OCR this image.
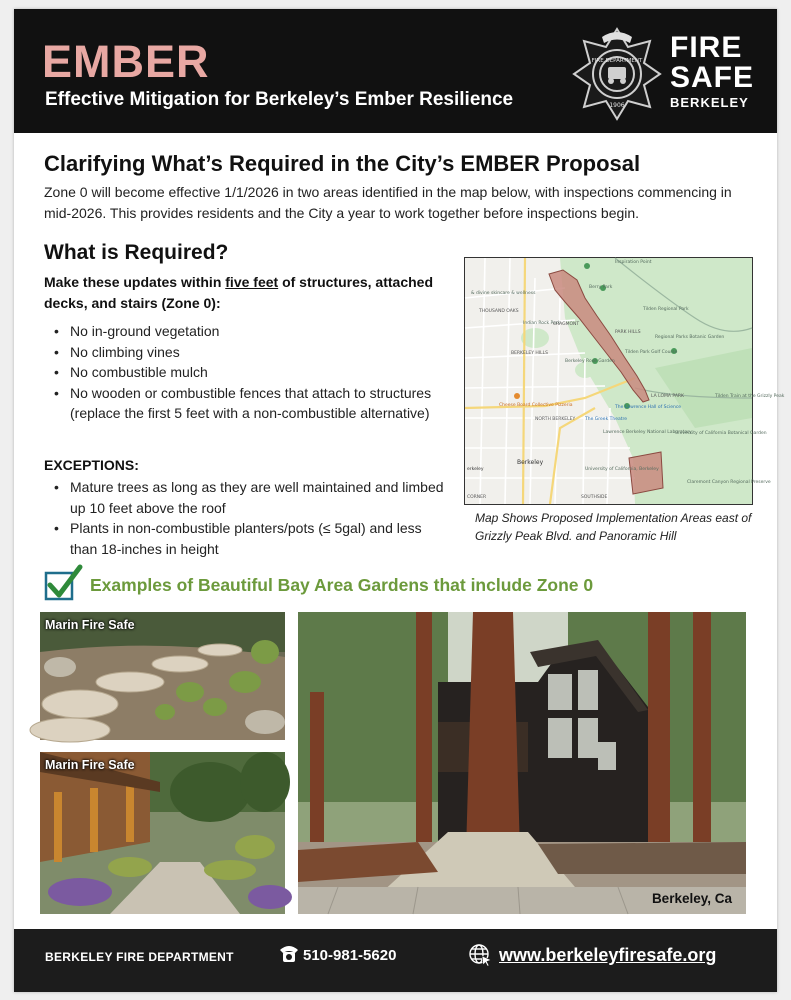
EMBER
Effective Mitigation for Berkeley’s Ember Resilience
FIRE DEPARTMENT
1906
FIRE
SAFE
BERKELEY
Clarifying What’s Required in the City’s EMBER Proposal

Zone 0 will become effective 1/1/2026 in two areas identified in the map below, with inspections commencing in mid-2026. This provides residents and the City a year to work together before inspections begin.

What is Required?

Make these updates within five feet of structures, attached decks, and stairs (Zone 0):

• No in-ground vegetation
• No climbing vines
• No combustible mulch
• No wooden or combustible fences that attach to structures (replace the first 5 feet with a non-combustible alternative)
EXCEPTIONS:
• Mature trees as long as they are well maintained and limbed up 10 feet above the roof
• Plants in non-combustible planters/pots (≤ 5gal) and less than 18-inches in height
Inspiration Point
& divine skincare & wellness
THOUSAND OAKS
Berry Park
Tilden Regional Park
Indian Rock Park
CRAGMONT
PARK HILLS
Regional Parks Botanic Garden
BERKELEY HILLS
Berkeley Rose Garden
Tilden Park Golf Course
LA LOMA PARK	Tilden Train at the Grizzly Peak
Cheese Board Collective Pizzeria
NORTH BERKELEY
The Lawrence Hall of Science
The Greek Theatre
Lawrence Berkeley National Laboratory
University of California Botanical Garden
Berkeley
University of California, Berkeley
Claremont Canyon Regional Preserve
erkeley
SOUTHSIDE
CORNER

Map Shows Proposed Implementation Areas east of Grizzly Peak Blvd. and Panoramic Hill

Examples of Beautiful Bay Area Gardens that include Zone 0
Marin Fire Safe
Marin Fire Safe
Berkeley, Ca
BERKELEY FIRE DEPARTMENT	510-981-5620	www.berkeleyfiresafe.org
